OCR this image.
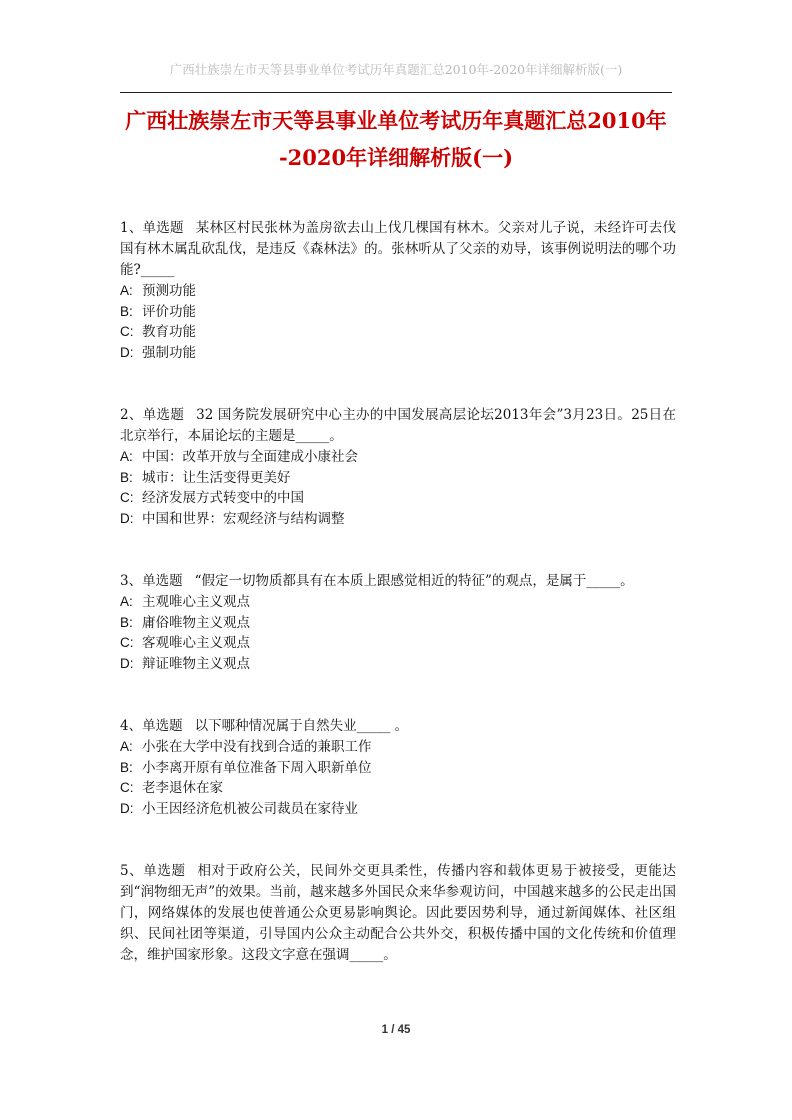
广西壮族崇左市天等县事业单位考试历年真题汇总2010年-2020年详细解析版(一)
广西壮族崇左市天等县事业单位考试历年真题汇总2010年
-2020年详细解析版(一)
1、单选题 某林区村民张林为盖房欲去山上伐几棵国有林木。父亲对儿子说，未经许可去伐国有林木属乱砍乱伐，是违反《森林法》的。张林听从了父亲的劝导，该事例说明法的哪个功能?_____
A: 预测功能
B: 评价功能
C: 教育功能
D: 强制功能
2、单选题 32 国务院发展研究中心主办的中国发展高层论坛2013年会”3月23日。25日在北京举行，本届论坛的主题是_____。
A: 中国：改革开放与全面建成小康社会
B: 城市：让生活变得更美好
C: 经济发展方式转变中的中国
D: 中国和世界：宏观经济与结构调整
3、单选题 “假定一切物质都具有在本质上跟感觉相近的特征”的观点，是属于_____。
A: 主观唯心主义观点
B: 庸俗唯物主义观点
C: 客观唯心主义观点
D: 辩证唯物主义观点
4、单选题 以下哪种情况属于自然失业_____ 。
A: 小张在大学中没有找到合适的兼职工作
B: 小李离开原有单位准备下周入职新单位
C: 老李退休在家
D: 小王因经济危机被公司裁员在家待业
5、单选题 相对于政府公关，民间外交更具柔性，传播内容和载体更易于被接受，更能达到“润物细无声”的效果。当前，越来越多外国民众来华参观访问，中国越来越多的公民走出国门，网络媒体的发展也使普通公众更易影响舆论。因此要因势利导，通过新闻媒体、社区组织、民间社团等渠道，引导国内公众主动配合公共外交，积极传播中国的文化传统和价值理念，维护国家形象。这段文字意在强调_____。
1 / 45
